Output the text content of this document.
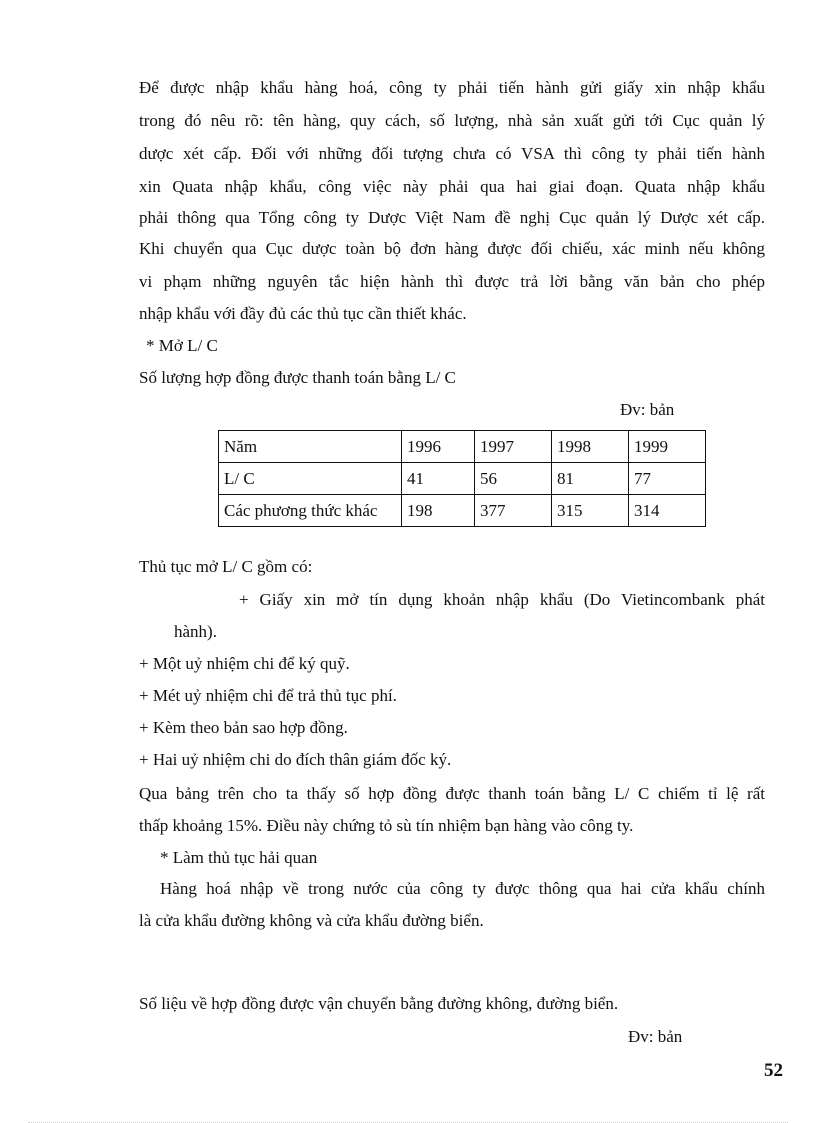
Để được nhập khẩu hàng hoá, công ty phải tiến hành gửi giấy xin nhập khẩu
trong đó nêu rõ: tên hàng, quy cách, số lượng, nhà sản xuất gửi tới Cục quản lý
dược xét cấp. Đối với những đối tượng chưa có VSA thì công ty phải tiến hành
xin Quata nhập khẩu, công việc này phải qua hai giai đoạn. Quata nhập khẩu
phải thông qua Tổng công ty Dược Việt Nam đề nghị Cục quản lý Dược xét cấp.
Khi chuyển qua Cục dược toàn bộ đơn hàng được đối chiếu, xác minh nếu không
vi phạm những nguyên tắc hiện hành thì được trả lời bằng văn bản cho phép
nhập khẩu với đầy đủ các thủ tục cần thiết khác.
* Mở L/ C
Số lượng hợp đồng được thanh toán bằng L/ C
Đv: bản
Năm	1996	1997	1998	1999
L/ C	41	56	81	77
Các phương thức khác	198	377	315	314
Thủ tục mở L/ C gồm có:
+ Giấy xin mở tín dụng khoản nhập khẩu (Do Vietincombank phát
hành).
+ Một uỷ nhiệm chi để ký quỹ.
+ Mét uỷ nhiệm chi để trả thủ tục phí.
+ Kèm theo bản sao hợp đồng.
+ Hai uỷ nhiệm chi do đích thân giám đốc ký.
Qua bảng trên cho ta thấy số hợp đồng được thanh toán bằng L/ C chiếm tỉ lệ rất
thấp khoảng 15%. Điều này chứng tỏ sù tín nhiệm bạn hàng vào công ty.
* Làm thủ tục hải quan
Hàng hoá nhập về trong nước của công ty được thông qua hai cửa khẩu chính
là cửa khẩu đường không và cửa khẩu đường biển.
Số liệu về hợp đồng được vận chuyển bằng đường không, đường biển.
Đv: bản
52
